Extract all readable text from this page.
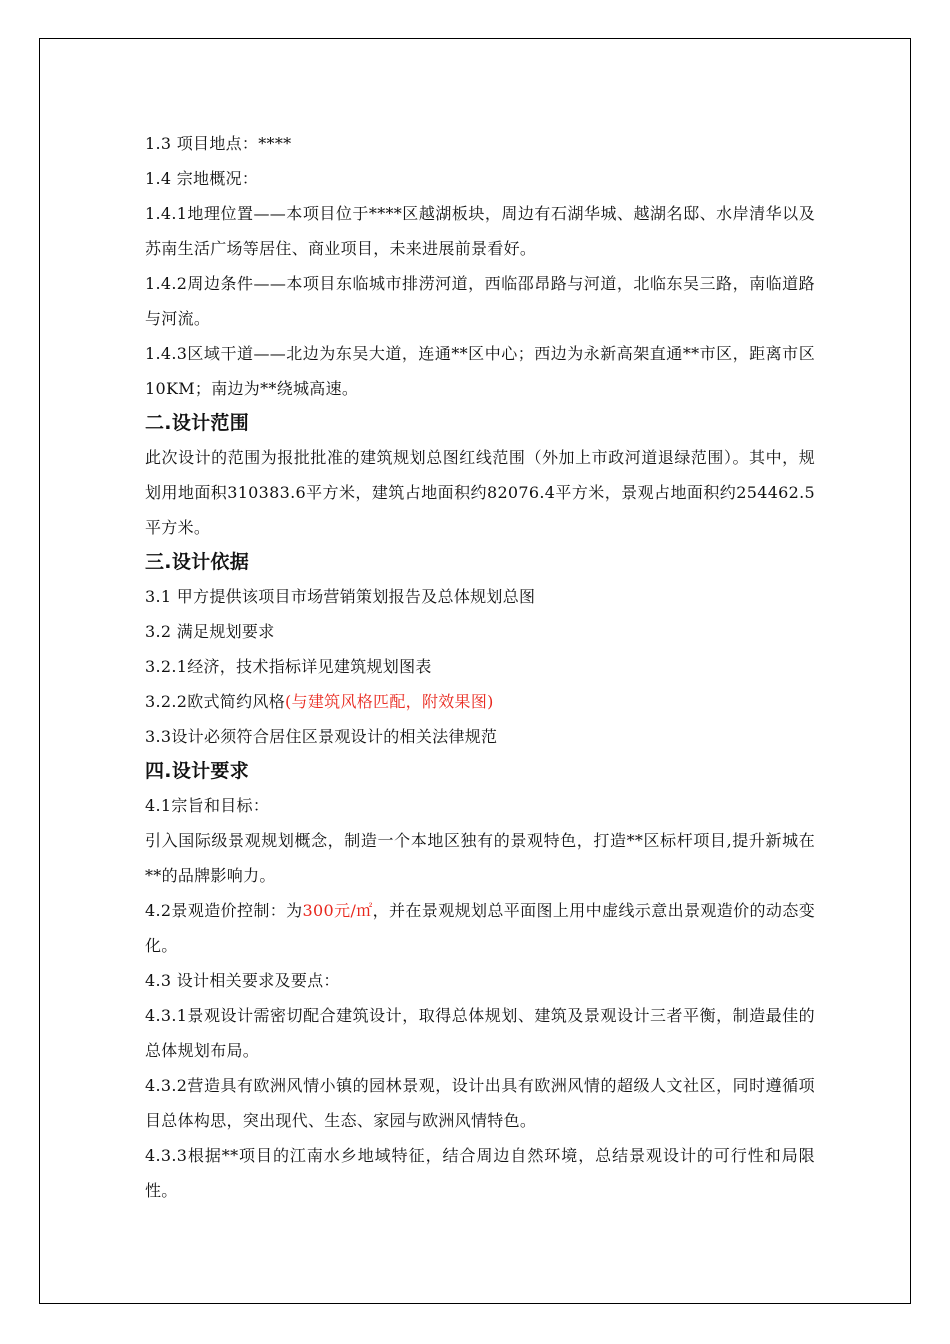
1.3 项目地点：****

1.4 宗地概况：

1.4.1地理位置——本项目位于****区越湖板块，周边有石湖华城、越湖名邸、水岸清华以及苏南生活广场等居住、商业项目，未来进展前景看好。

1.4.2周边条件——本项目东临城市排涝河道，西临邵昂路与河道，北临东吴三路，南临道路与河流。

1.4.3区域干道——北边为东吴大道，连通**区中心；西边为永新高架直通**市区，距离市区10KM；南边为**绕城高速。

二.设计范围

此次设计的范围为报批批准的建筑规划总图红线范围（外加上市政河道退绿范围）。其中，规划用地面积310383.6平方米，建筑占地面积约82076.4平方米，景观占地面积约254462.5平方米。

三.设计依据

3.1 甲方提供该项目市场营销策划报告及总体规划总图

3.2 满足规划要求

3.2.1经济，技术指标详见建筑规划图表

3.2.2欧式简约风格(与建筑风格匹配，附效果图)

3.3设计必须符合居住区景观设计的相关法律规范

四.设计要求

4.1宗旨和目标：

引入国际级景观规划概念，制造一个本地区独有的景观特色，打造**区标杆项目,提升新城在**的品牌影响力。

4.2景观造价控制：为300元/㎡，并在景观规划总平面图上用中虚线示意出景观造价的动态变化。

4.3 设计相关要求及要点：

4.3.1景观设计需密切配合建筑设计，取得总体规划、建筑及景观设计三者平衡，制造最佳的总体规划布局。

4.3.2营造具有欧洲风情小镇的园林景观，设计出具有欧洲风情的超级人文社区，同时遵循项目总体构思，突出现代、生态、家园与欧洲风情特色。

4.3.3根据**项目的江南水乡地域特征，结合周边自然环境，总结景观设计的可行性和局限性。
